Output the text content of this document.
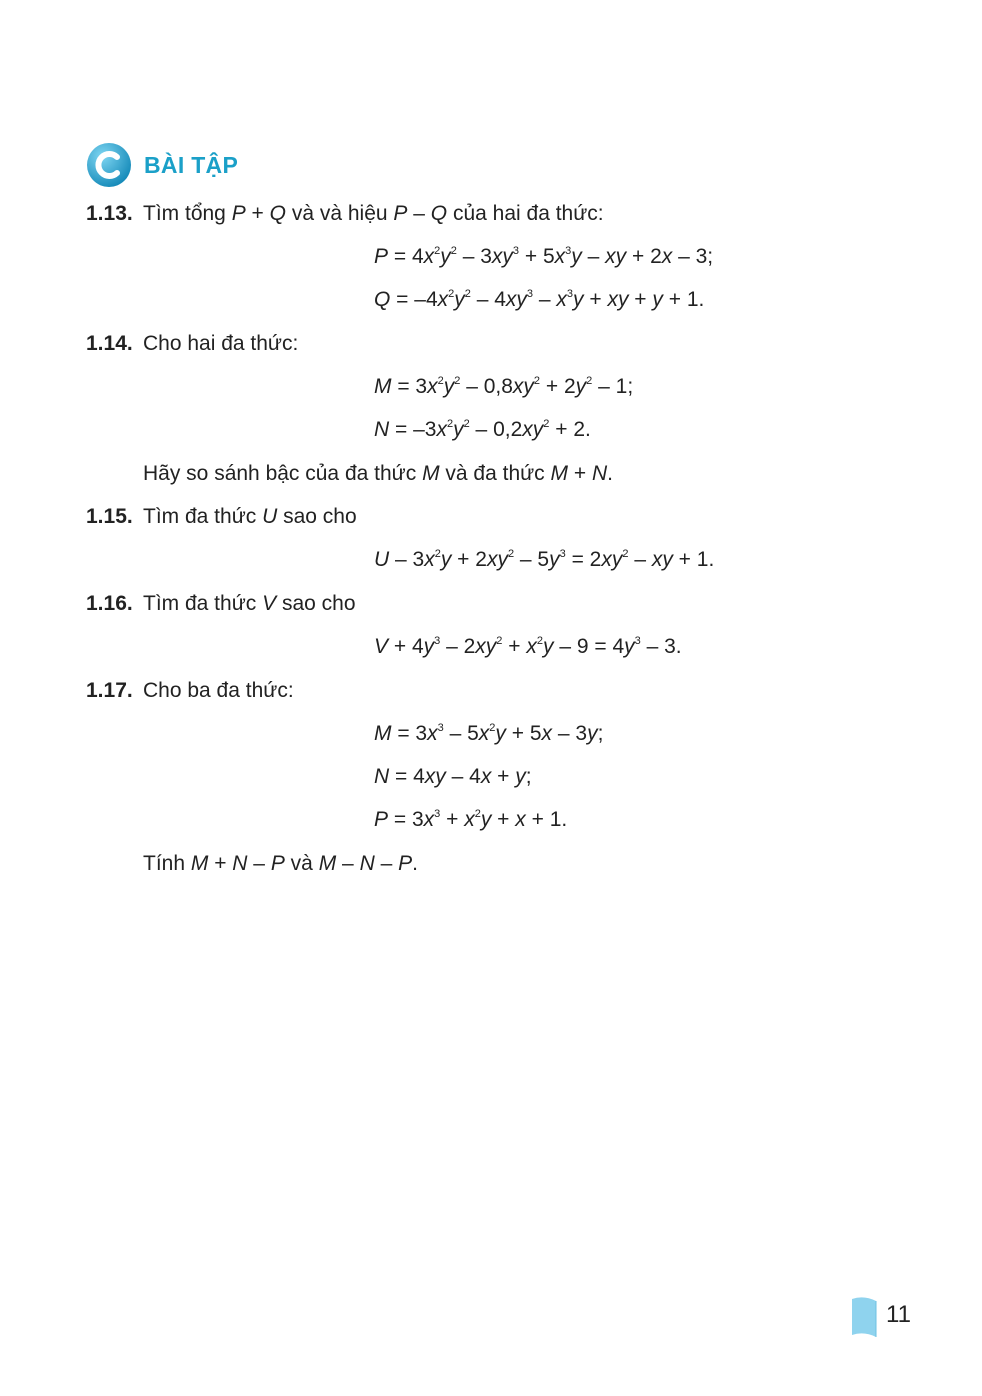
BÀI TẬP
1.13. Tìm tổng P + Q và và hiệu P – Q của hai đa thức:
$P = 4x^2y^2 - 3xy^3 + 5x^3y$ – xy + 2x – 3;
$Q = -4x^2y^2 - 4xy^3 - x^3y$ + xy + y + 1.
1.14. Cho hai đa thức:
$M = 3x^2y^2 - 0,8xy^2 + 2y^2 - 1$;
$N = -3x^2y^2 - 0,2xy^2 + 2$.
Hãy so sánh bậc của đa thức M và đa thức M + N.
1.15. Tìm đa thức U sao cho
$U - 3x^2y + 2xy^2 - 5y^3 = 2xy^2$ – xy + 1.
1.16. Tìm đa thức V sao cho
$V + 4y^3 - 2xy^2 + x^2y - 9 = 4y^3 - 3$.
1.17. Cho ba đa thức:
$M = 3x^3 - 5x^2y + 5x - 3y$;
N = 4xy – 4x + y;
$P = 3x^3 + x^2y + x + 1$.
Tính M + N – P và M – N – P.
11
